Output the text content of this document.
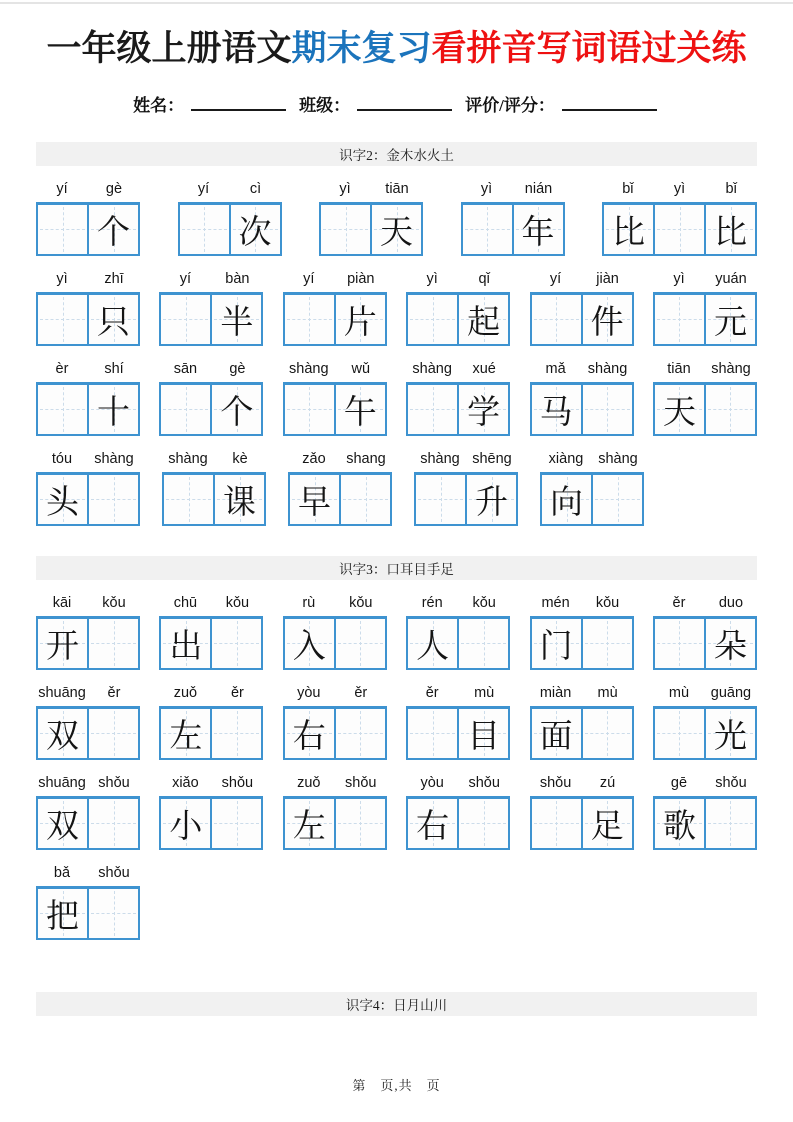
一年级上册语文期末复习看拼音写词语过关练
姓名：	班级：	评价/评分：
识字2：金木水火土
yí	gè
个
yí	cì
次
yì	tiān
天
yì	nián
年
bǐ	yì	bǐ
比 比
yì	zhī
只
yí	bàn
半
yí	piàn
片
yì	qǐ
起
yí	jiàn
件
yì	yuán
元
èr	shí
十
sān	gè
个
shàng	wǔ
午
shàng	xué
学
mǎ	shàng
马
tiān	shàng
天
tóu	shàng
头
shàng	kè
课
zǎo	shang
早
shàng shēng
升
xiàng	shàng
向
识字3：口耳目手足
kāi	kǒu
开
chū	kǒu
出
rù	kǒu
入
rén	kǒu
人
mén	kǒu
门
ěr	duo
朵
shuāng	ěr
双
zuǒ	ěr
左
yòu	ěr
右
ěr	mù
目
miàn	mù
面
mù	guāng
光
shuāng shǒu
双
xiǎo	shǒu
小
zuǒ	shǒu
左
yòu	shǒu
右
shǒu	zú
足
gē	shǒu
歌
bǎ	shǒu
把
识字4：日月山川
第　页,共　页
